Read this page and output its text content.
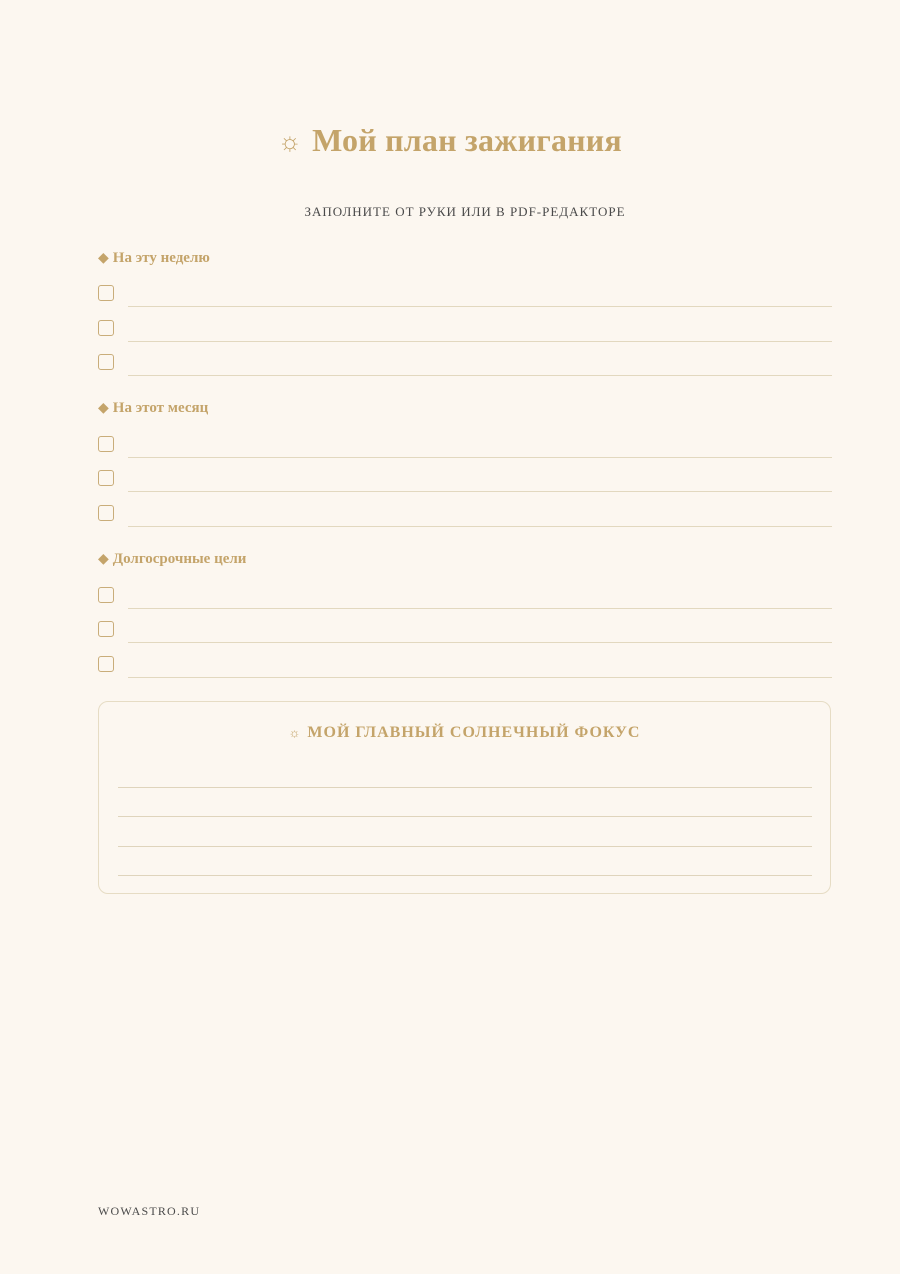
☼ Мой план зажигания
ЗАПОЛНИТЕ ОТ РУКИ ИЛИ В PDF-РЕДАКТОРЕ
◆ На эту неделю
◆ На этот месяц
◆ Долгосрочные цели
☼ МОЙ ГЛАВНЫЙ СОЛНЕЧНЫЙ ФОКУС
WOWASTRO.RU
